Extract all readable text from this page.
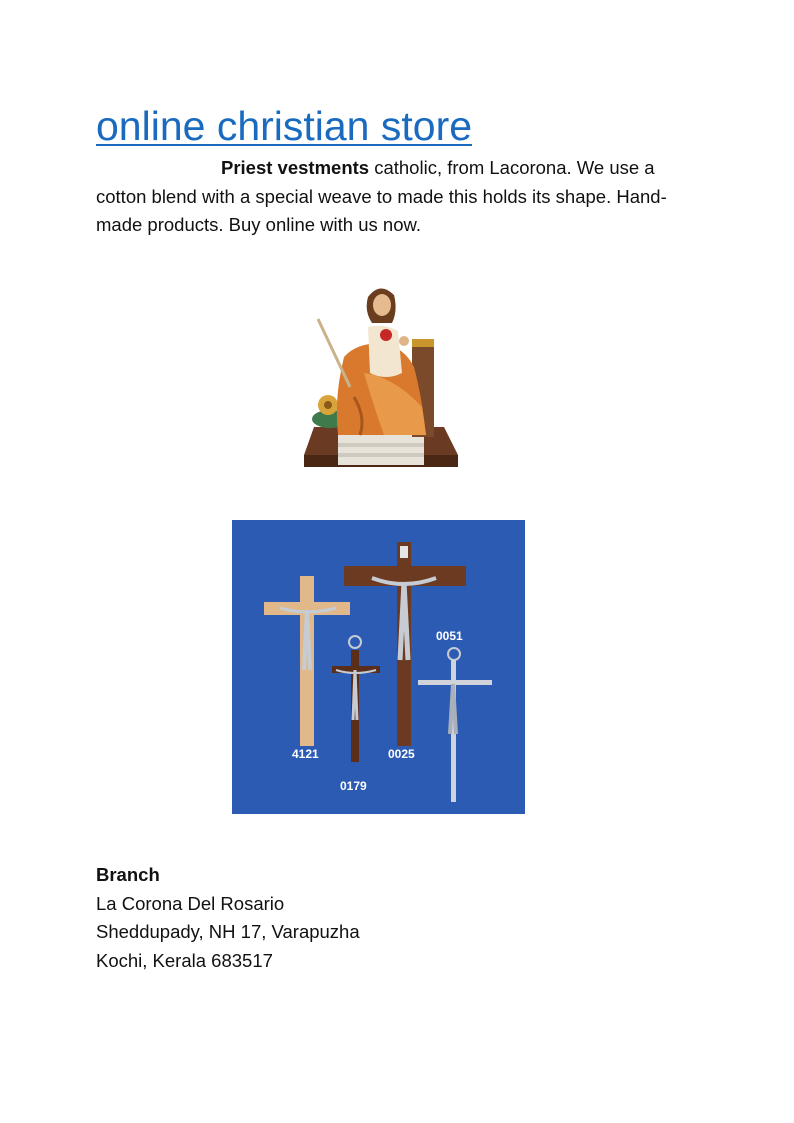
online christian store

Priest vestments catholic, from Lacorona. We use a cotton blend with a special weave to made this holds its shape. Hand-made products. Buy online with us now.

0051
4121	0025
0179
Branch
La Corona Del Rosario
Sheddupady, NH 17, Varapuzha
Kochi, Kerala 683517
